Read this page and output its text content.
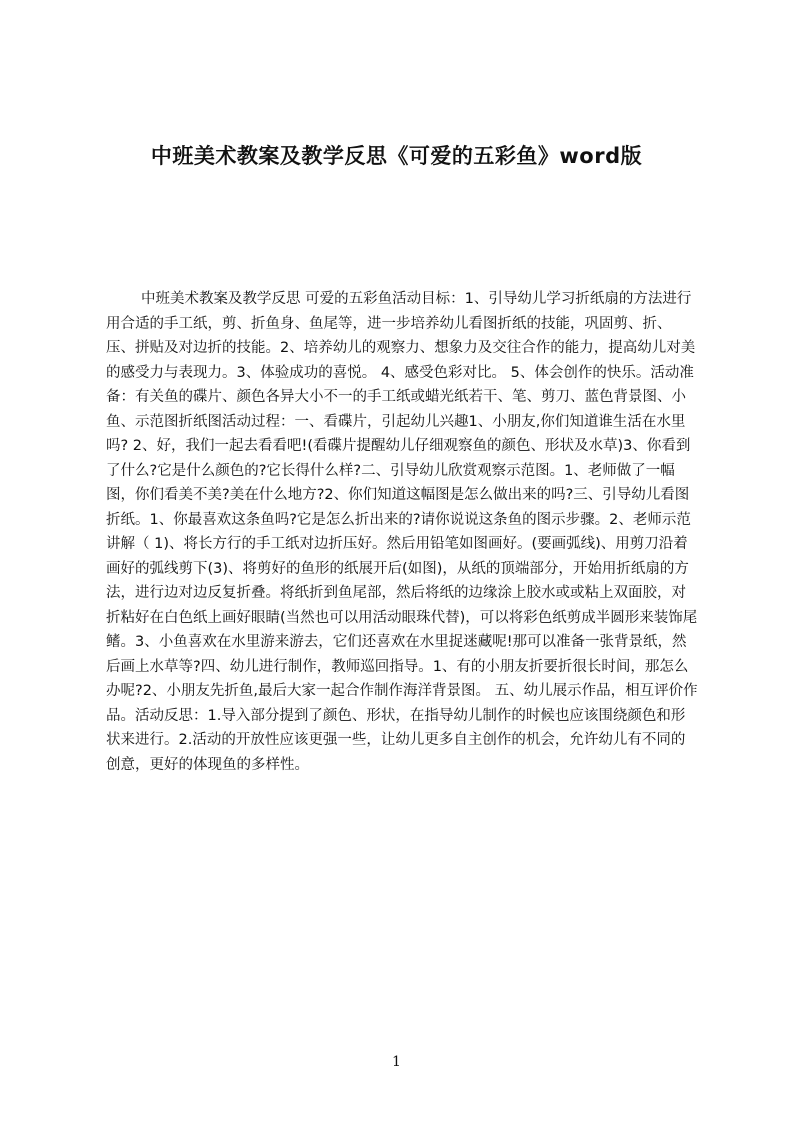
中班美术教案及教学反思《可爱的五彩鱼》word版
中班美术教案及教学反思 可爱的五彩鱼活动目标：1、引导幼儿学习折纸扇的方法进行用合适的手工纸，剪、折鱼身、鱼尾等，进一步培养幼儿看图折纸的技能，巩固剪、折、压、拼贴及对边折的技能。2、培养幼儿的观察力、想象力及交往合作的能力，提高幼儿对美的感受力与表现力。3、体验成功的喜悦。 4、感受色彩对比。 5、体会创作的快乐。活动准备：有关鱼的碟片、颜色各异大小不一的手工纸或蜡光纸若干、笔、剪刀、蓝色背景图、小鱼、示范图折纸图活动过程：一、看碟片，引起幼儿兴趣1、小朋友,你们知道谁生活在水里吗? 2、好，我们一起去看看吧!(看碟片提醒幼儿仔细观察鱼的颜色、形状及水草)3、你看到了什么?它是什么颜色的?它长得什么样?二、引导幼儿欣赏观察示范图。1、老师做了一幅图，你们看美不美?美在什么地方?2、你们知道这幅图是怎么做出来的吗?三、引导幼儿看图折纸。1、你最喜欢这条鱼吗?它是怎么折出来的?请你说说这条鱼的图示步骤。2、老师示范讲解（ 1)、将长方行的手工纸对边折压好。然后用铅笔如图画好。(要画弧线)、用剪刀沿着画好的弧线剪下(3)、将剪好的鱼形的纸展开后(如图)，从纸的顶端部分，开始用折纸扇的方法，进行边对边反复折叠。将纸折到鱼尾部，然后将纸的边缘涂上胶水或或粘上双面胶，对折粘好在白色纸上画好眼睛(当然也可以用活动眼珠代替)，可以将彩色纸剪成半圆形来装饰尾鳍。3、小鱼喜欢在水里游来游去，它们还喜欢在水里捉迷藏呢!那可以准备一张背景纸，然后画上水草等?四、幼儿进行制作，教师巡回指导。1、有的小朋友折要折很长时间，那怎么办呢?2、小朋友先折鱼,最后大家一起合作制作海洋背景图。 五、幼儿展示作品，相互评价作品。活动反思：1.导入部分提到了颜色、形状，在指导幼儿制作的时候也应该围绕颜色和形状来进行。2.活动的开放性应该更强一些，让幼儿更多自主创作的机会，允许幼儿有不同的创意，更好的体现鱼的多样性。
1
